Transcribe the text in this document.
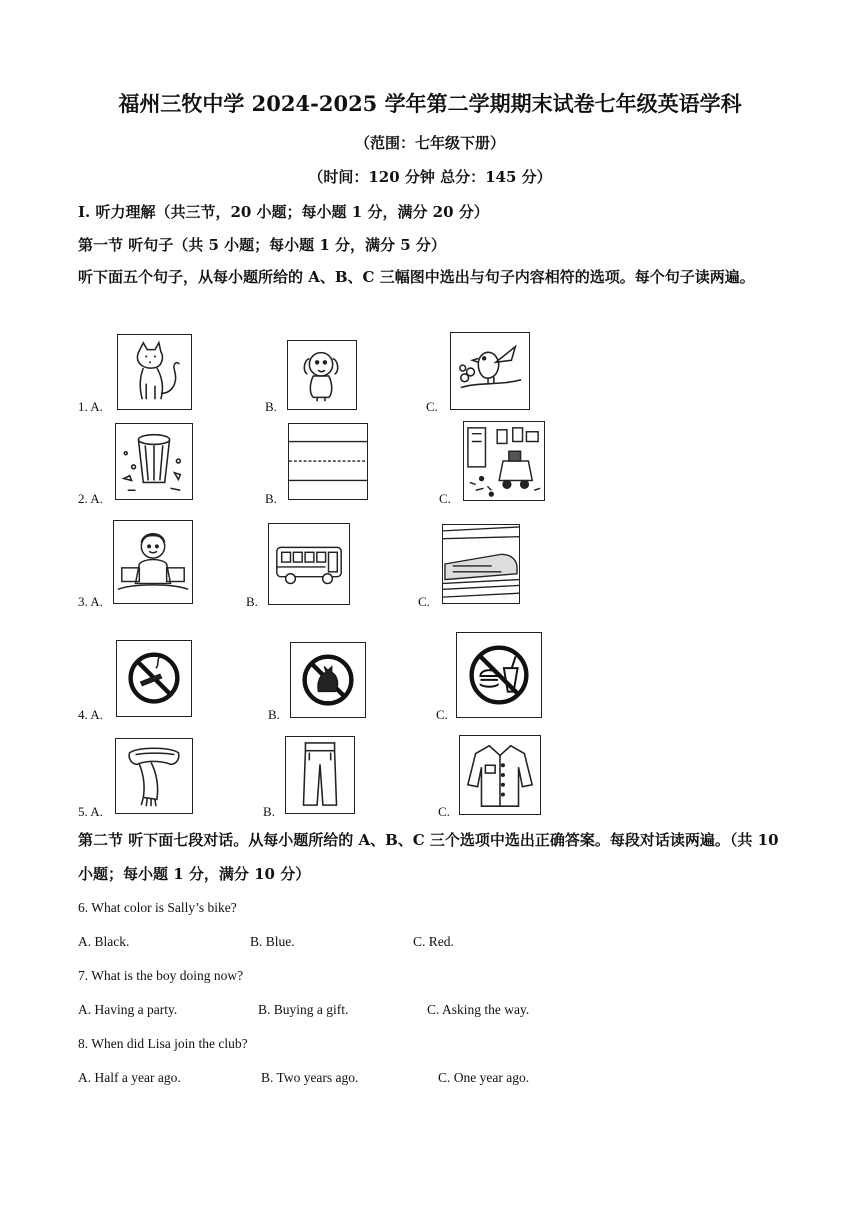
福州三牧中学 2024-2025 学年第二学期期末试卷七年级英语学科
（范围：七年级下册）
（时间：120 分钟 总分：145 分）
Ⅰ. 听力理解（共三节，20 小题；每小题 1 分，满分 20 分）
第一节 听句子（共 5 小题；每小题 1 分，满分 5 分）
听下面五个句子，从每小题所给的 A、B、C 三幅图中选出与句子内容相符的选项。每个句子读两遍。
1. A.	B.	C.
2. A.	B.	C.
3. A.	B.	C.
4. A.	B.	C.
5. A.	B.	C.
第二节 听下面七段对话。从每小题所给的 A、B、C 三个选项中选出正确答案。每段对话读两遍。（共 10 小题；每小题 1 分，满分 10 分）
6. What color is Sally’s bike?
A. Black.	B. Blue.	C. Red.
7. What is the boy doing now?
A. Having a party.	B. Buying a gift.	C. Asking the way.
8. When did Lisa join the club?
A. Half a year ago.	B. Two years ago.	C. One year ago.
